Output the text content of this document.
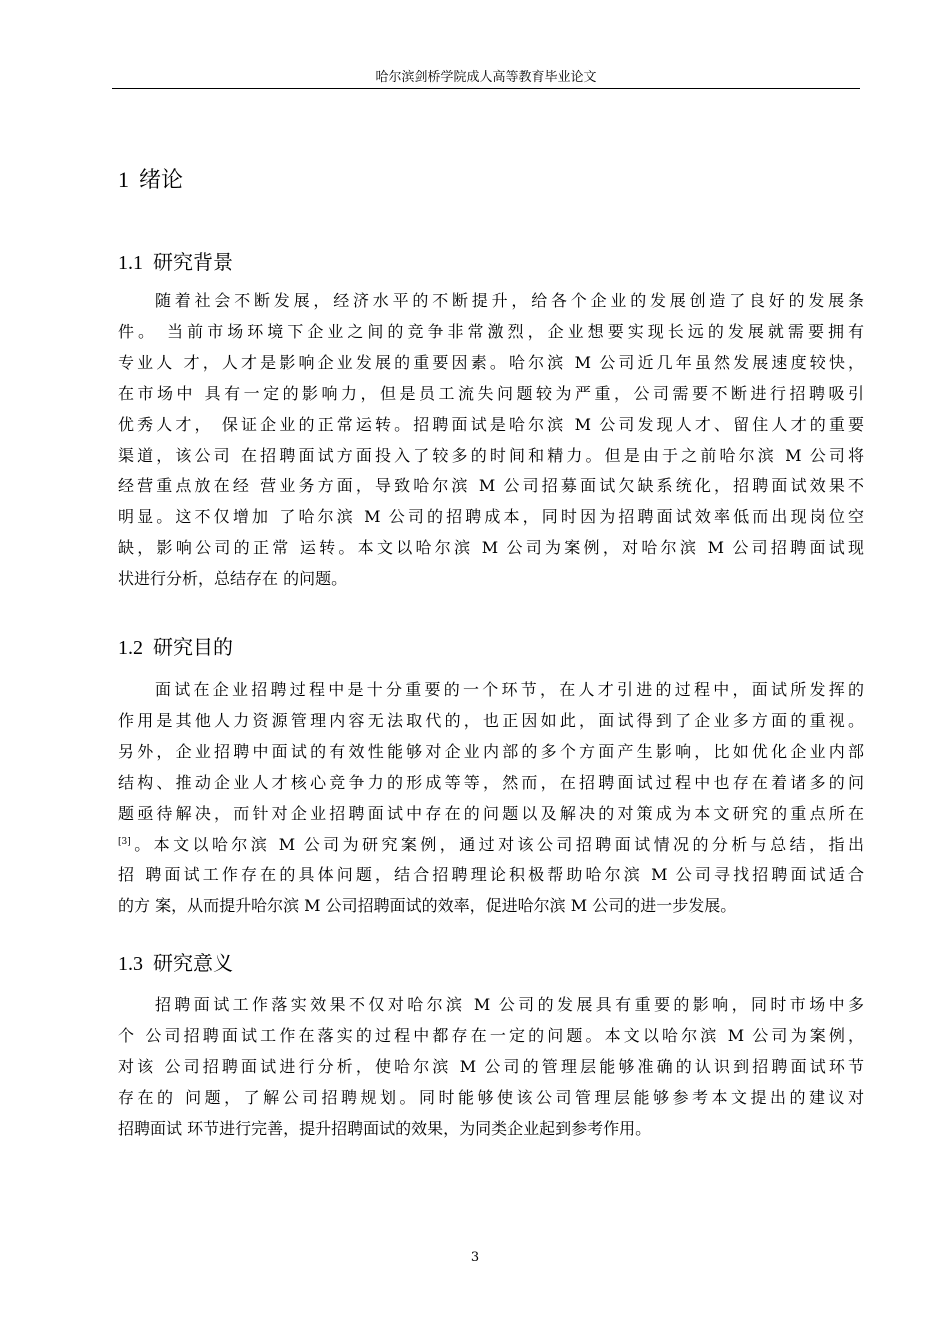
哈尔滨剑桥学院成人高等教育毕业论文
1 绪论
1.1 研究背景
随着社会不断发展，经济水平的不断提升，给各个企业的发展创造了良好的发展条
件。 当前市场环境下企业之间的竞争非常激烈，企业想要实现长远的发展就需要拥有
专业人 才，人才是影响企业发展的重要因素。哈尔滨 M 公司近几年虽然发展速度较快，
在市场中 具有一定的影响力，但是员工流失问题较为严重，公司需要不断进行招聘吸引
优秀人才， 保证企业的正常运转。招聘面试是哈尔滨 M 公司发现人才、留住人才的重要
渠道，该公司 在招聘面试方面投入了较多的时间和精力。但是由于之前哈尔滨 M 公司将
经营重点放在经 营业务方面，导致哈尔滨 M 公司招募面试欠缺系统化，招聘面试效果不
明显。这不仅增加 了哈尔滨 M 公司的招聘成本，同时因为招聘面试效率低而出现岗位空
缺，影响公司的正常 运转。本文以哈尔滨 M 公司为案例，对哈尔滨 M 公司招聘面试现
状进行分析，总结存在 的问题。
1.2 研究目的
面试在企业招聘过程中是十分重要的一个环节，在人才引进的过程中，面试所发挥的
作用是其他人力资源管理内容无法取代的，也正因如此，面试得到了企业多方面的重视。
另外，企业招聘中面试的有效性能够对企业内部的多个方面产生影响，比如优化企业内部
结构、推动企业人才核心竞争力的形成等等，然而，在招聘面试过程中也存在着诸多的问
题亟待解决，而针对企业招聘面试中存在的问题以及解决的对策成为本文研究的重点所在
[3]。本文以哈尔滨 M 公司为研究案例，通过对该公司招聘面试情况的分析与总结，指出
招 聘面试工作存在的具体问题，结合招聘理论积极帮助哈尔滨 M 公司寻找招聘面试适合
的方 案，从而提升哈尔滨 M 公司招聘面试的效率，促进哈尔滨 M 公司的进一步发展。
1.3 研究意义
招聘面试工作落实效果不仅对哈尔滨 M 公司的发展具有重要的影响，同时市场中多
个 公司招聘面试工作在落实的过程中都存在一定的问题。本文以哈尔滨 M 公司为案例，
对该 公司招聘面试进行分析，使哈尔滨 M 公司的管理层能够准确的认识到招聘面试环节
存在的 问题，了解公司招聘规划。同时能够使该公司管理层能够参考本文提出的建议对
招聘面试 环节进行完善，提升招聘面试的效果，为同类企业起到参考作用。
3
